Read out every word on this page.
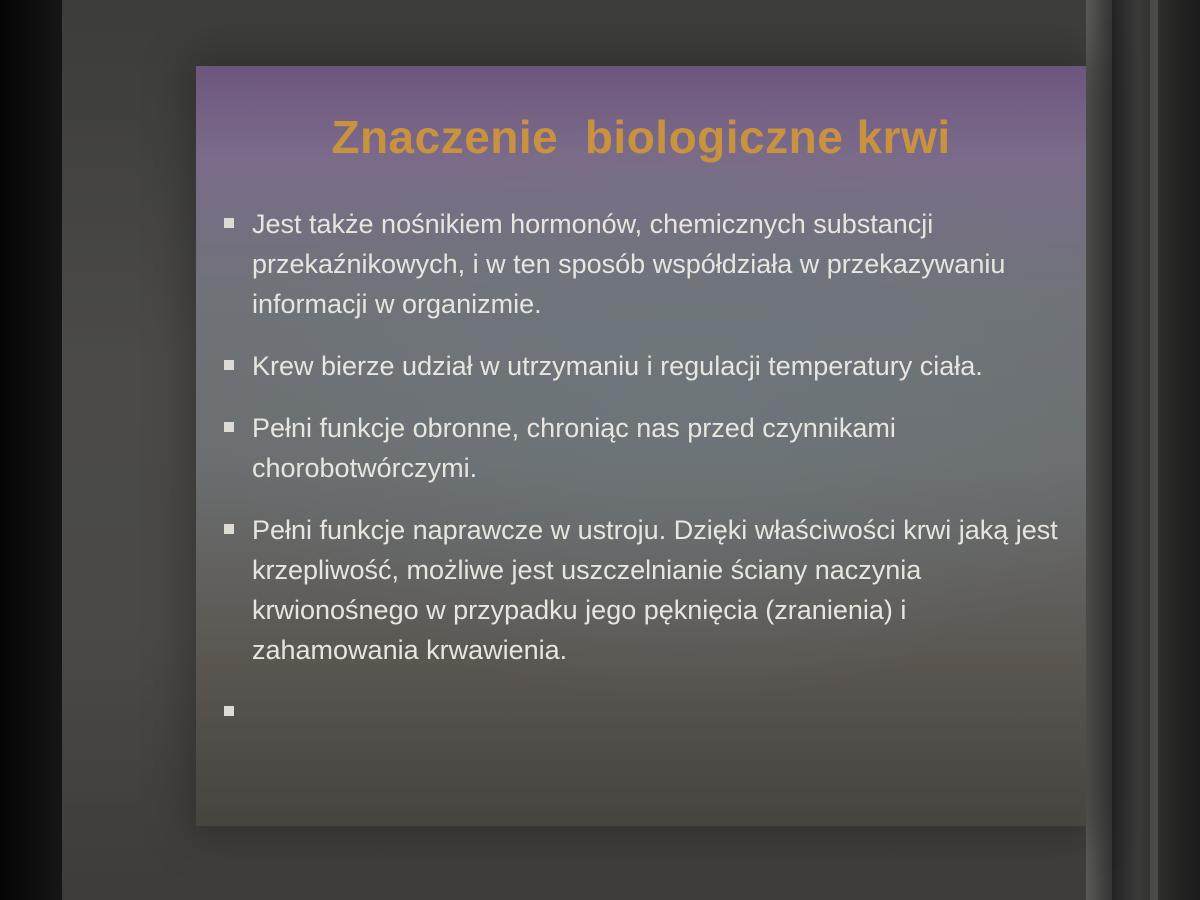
Znaczenie  biologiczne krwi
Jest także nośnikiem hormonów, chemicznych substancji przekaźnikowych, i w ten sposób współdziała w przekazywaniu informacji w organizmie.
Krew bierze udział w utrzymaniu i regulacji temperatury ciała.
Pełni funkcje obronne, chroniąc nas przed czynnikami chorobotwórczymi.
Pełni funkcje naprawcze w ustroju. Dzięki właściwości krwi jaką jest krzepliwość, możliwe jest uszczelnianie ściany naczynia krwionośnego w przypadku jego pęknięcia (zranienia) i zahamowania krwawienia.
